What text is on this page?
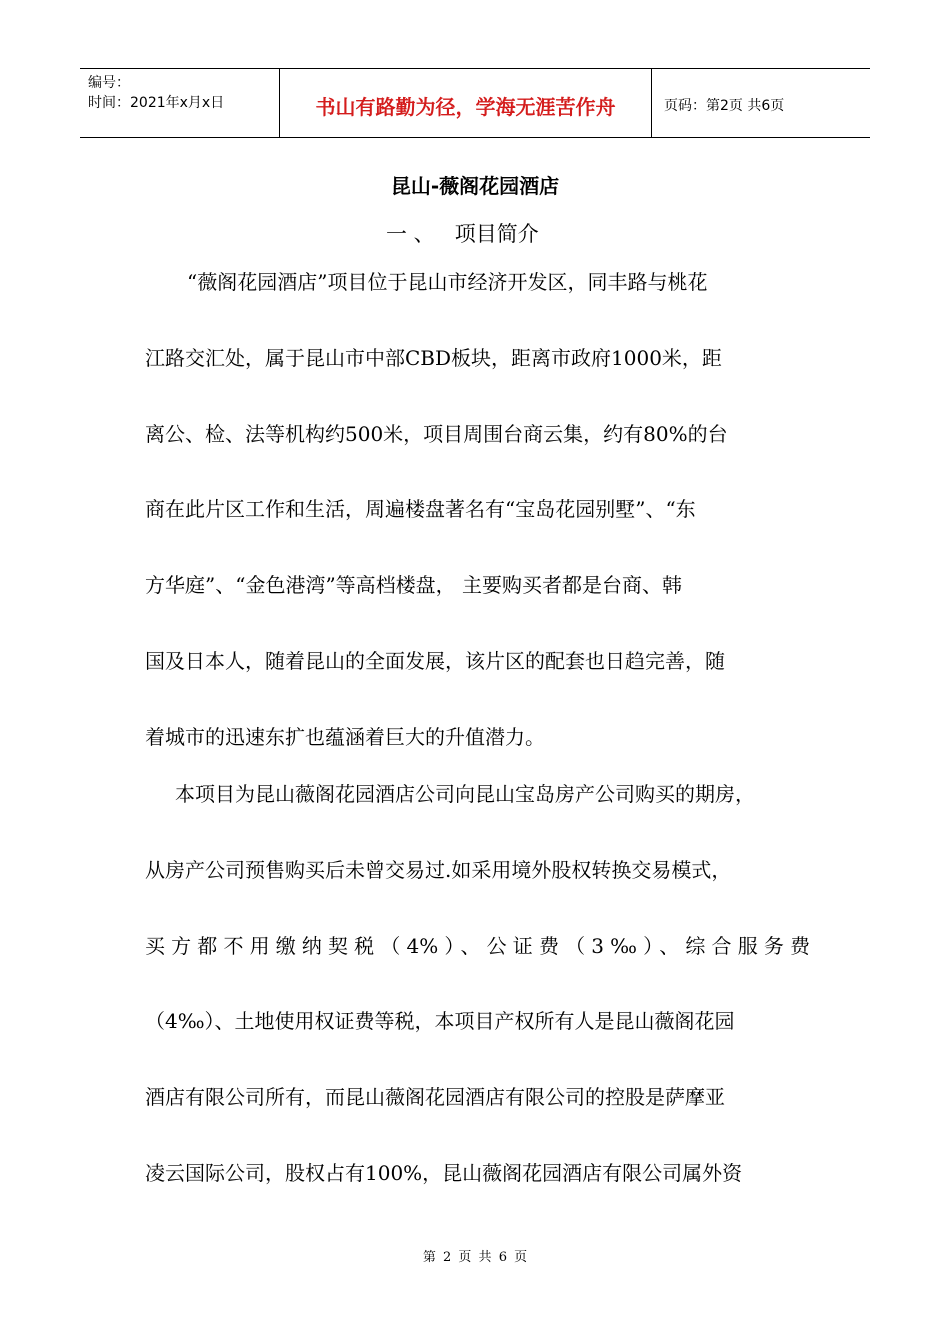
编号：
时间：2021年x月x日	书山有路勤为径，学海无涯苦作舟	页码：第2页 共6页
昆山-薇阁花园酒店
一 、   项目简介
“薇阁花园酒店”项目位于昆山市经济开发区，同丰路与桃花
江路交汇处，属于昆山市中部CBD板块，距离市政府1000米，距
离公、检、法等机构约500米，项目周围台商云集，约有80%的台
商在此片区工作和生活，周遍楼盘著名有“宝岛花园别墅”、“东
方华庭”、“金色港湾”等高档楼盘， 主要购买者都是台商、韩
国及日本人，随着昆山的全面发展，该片区的配套也日趋完善，随
着城市的迅速东扩也蕴涵着巨大的升值潜力。
本项目为昆山薇阁花园酒店公司向昆山宝岛房产公司购买的期房，
从房产公司预售购买后未曾交易过.如采用境外股权转换交易模式，
买方都不用缴纳契税（4%）、公证费（3‰）、综合服务费
（4‰）、土地使用权证费等税，本项目产权所有人是昆山薇阁花园
酒店有限公司所有，而昆山薇阁花园酒店有限公司的控股是萨摩亚
凌云国际公司，股权占有100%，昆山薇阁花园酒店有限公司属外资
第 2 页 共 6 页
